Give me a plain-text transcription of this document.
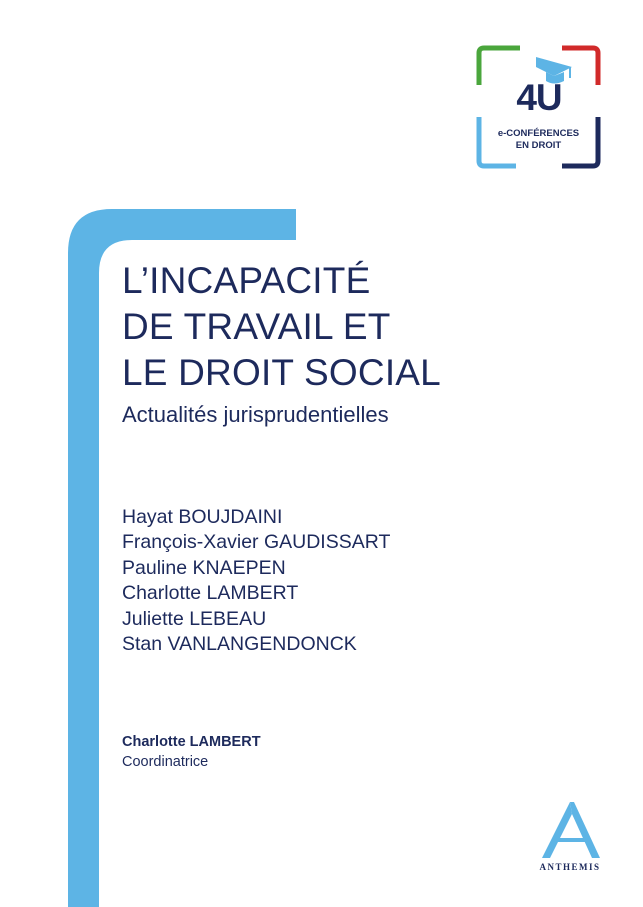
4U
e-CONFÉRENCES
EN DROIT
L’INCAPACITÉ
DE TRAVAIL ET
LE DROIT SOCIAL
Actualités jurisprudentielles
Hayat BOUJDAINI
François-Xavier GAUDISSART
Pauline KNAEPEN
Charlotte LAMBERT
Juliette LEBEAU
Stan VANLANGENDONCK
Charlotte LAMBERT
Coordinatrice
ANTHEMIS
